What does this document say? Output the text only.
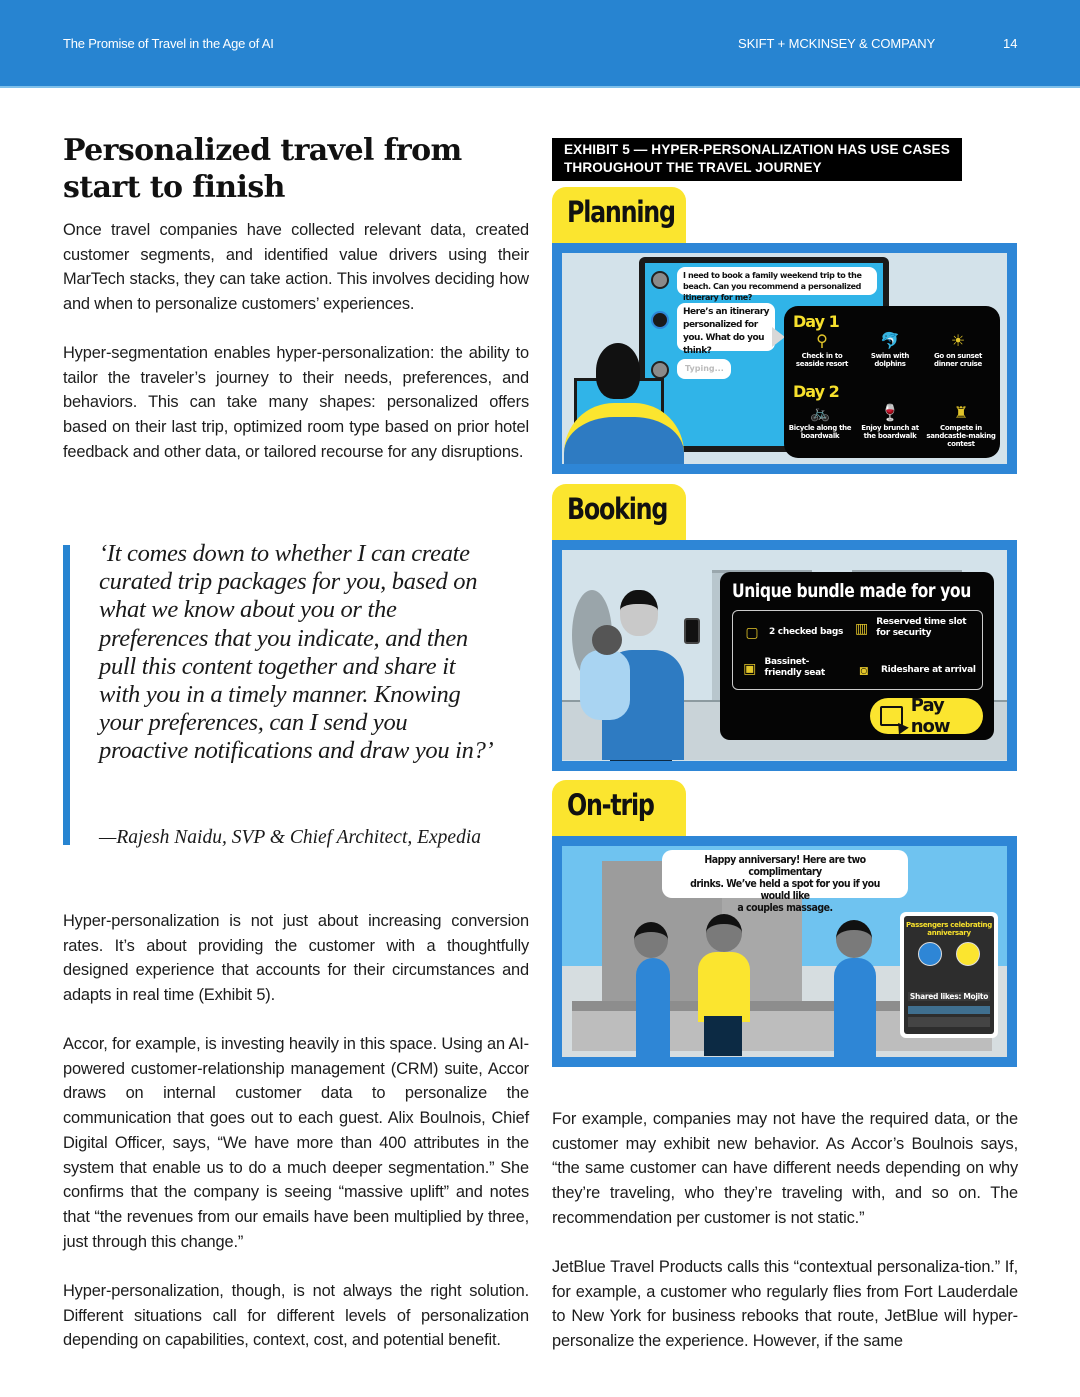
The Promise of Travel in the Age of AI	SKIFT + MCKINSEY & COMPANY	14
Personalized travel from start to finish

Once travel companies have collected relevant data, created customer segments, and identified value drivers using their MarTech stacks, they can take action. This involves deciding how and when to personalize customers’ experiences.

Hyper-segmentation enables hyper-personalization: the ability to tailor the traveler’s journey to their needs, preferences, and behaviors. This can take many shapes: personalized offers based on their last trip, optimized room type based on prior hotel feedback and other data, or tailored recourse for any disruptions.

‘It comes down to whether I can create curated trip packages for you, based on what we know about you or the preferences that you indicate, and then pull this content together and share it with you in a timely manner. Knowing your preferences, can I send you proactive notifications and draw you in?’
—Rajesh Naidu, SVP & Chief Architect, Expedia

Hyper-personalization is not just about increasing conversion rates. It’s about providing the customer with a thoughtfully designed experience that accounts for their circumstances and adapts in real time (Exhibit 5).

Accor, for example, is investing heavily in this space. Using an AI-powered customer-relationship management (CRM) suite, Accor draws on internal customer data to personalize the communication that goes out to each guest. Alix Boulnois, Chief Digital Officer, says, “We have more than 400 attributes in the system that enable us to do a much deeper segmentation.” She confirms that the company is seeing “massive uplift” and notes that “the revenues from our emails have been multiplied by three, just through this change.”

Hyper-personalization, though, is not always the right solution. Different situations call for different levels of personalization depending on capabilities, context, cost, and potential benefit.

EXHIBIT 5 — HYPER-PERSONALIZATION HAS USE CASES THROUGHOUT THE TRAVEL JOURNEY
Planning
I need to book a family weekend trip to the beach. Can you recommend a personalized itinerary for me?
Here’s an itinerary personalized for you. What do you think?
Typing...
Day 1
⚲
Check in to seaside resort
🐬
Swim with dolphins
☀
Go on sunset dinner cruise
Day 2
🚲
Bicycle along the boardwalk
🍷
Enjoy brunch at the boardwalk
♜
Compete in sandcastle-making contest
Booking
Unique bundle made for you
▢ 2 checked bags ▥ Reserved time slot for security
▣ Bassinet-friendly seat	◙	Rideshare at arrival
Pay now
On-trip
Happy anniversary! Here are two complimentary
drinks. We’ve held a spot for you if you would like
a couples massage.
Passengers celebrating anniversary
Shared likes: Mojito

For example, companies may not have the required data, or the customer may exhibit new behavior. As Accor’s Boulnois says, “the same customer can have different needs depending on why they’re traveling, who they’re traveling with, and so on. The recommendation per customer is not static.”

JetBlue Travel Products calls this “contextual personaliza-tion.” If, for example, a customer who regularly flies from Fort Lauderdale to New York for business rebooks that route, JetBlue will hyper-personalize the experience. However, if the same
